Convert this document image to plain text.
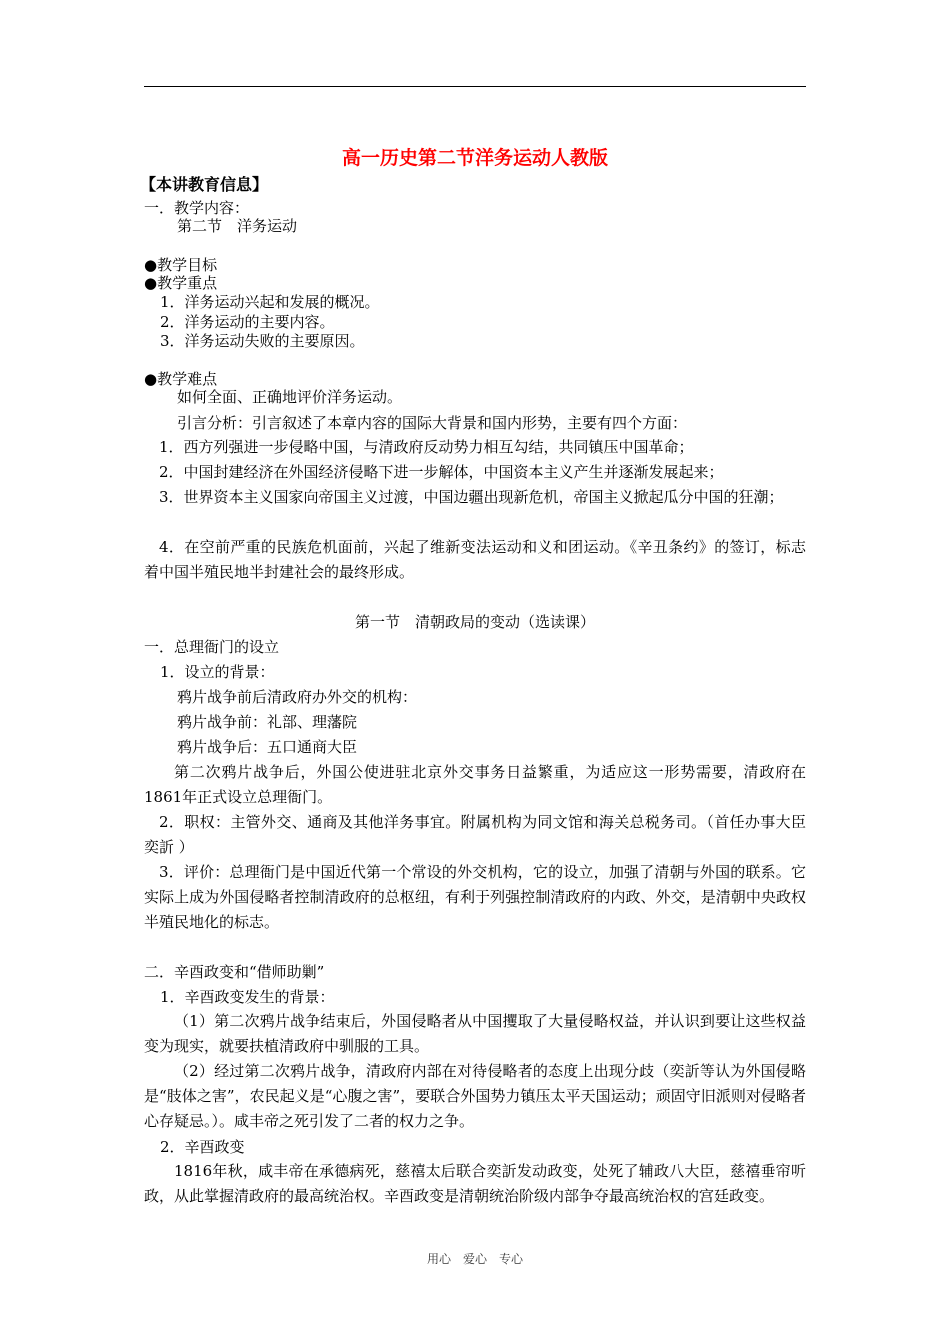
高一历史第二节洋务运动人教版
【本讲教育信息】
一．教学内容：
第二节　洋务运动
●教学目标
●教学重点
1．洋务运动兴起和发展的概况。
2．洋务运动的主要内容。
3．洋务运动失败的主要原因。
●教学难点
如何全面、正确地评价洋务运动。
引言分析：引言叙述了本章内容的国际大背景和国内形势，主要有四个方面：
1．西方列强进一步侵略中国，与清政府反动势力相互勾结，共同镇压中国革命；
2．中国封建经济在外国经济侵略下进一步解体，中国资本主义产生并逐渐发展起来；
3．世界资本主义国家向帝国主义过渡，中国边疆出现新危机，帝国主义掀起瓜分中国的狂潮；
4．在空前严重的民族危机面前，兴起了维新变法运动和义和团运动。《辛丑条约》的签订，标志着中国半殖民地半封建社会的最终形成。
第一节　清朝政局的变动（选读课）
一．总理衙门的设立
1．设立的背景：
鸦片战争前后清政府办外交的机构：
鸦片战争前：礼部、理藩院
鸦片战争后：五口通商大臣
第二次鸦片战争后，外国公使进驻北京外交事务日益繁重，为适应这一形势需要，清政府在1861年正式设立总理衙门。
2．职权：主管外交、通商及其他洋务事宜。附属机构为同文馆和海关总税务司。（首任办事大臣奕訢 ）
3．评价：总理衙门是中国近代第一个常设的外交机构，它的设立，加强了清朝与外国的联系。它实际上成为外国侵略者控制清政府的总枢纽，有利于列强控制清政府的内政、外交，是清朝中央政权半殖民地化的标志。
二．辛酉政变和“借师助剿”
1．辛酉政变发生的背景：
（1）第二次鸦片战争结束后，外国侵略者从中国攫取了大量侵略权益，并认识到要让这些权益变为现实，就要扶植清政府中驯服的工具。
（2）经过第二次鸦片战争，清政府内部在对待侵略者的态度上出现分歧（奕訢等认为外国侵略是“肢体之害”，农民起义是“心腹之害”，要联合外国势力镇压太平天国运动；顽固守旧派则对侵略者心存疑忌。）。咸丰帝之死引发了二者的权力之争。
2．辛酉政变
1816年秋，咸丰帝在承德病死，慈禧太后联合奕訢发动政变，处死了辅政八大臣，慈禧垂帘听政，从此掌握清政府的最高统治权。辛酉政变是清朝统治阶级内部争夺最高统治权的宫廷政变。
用心　爱心　专心
